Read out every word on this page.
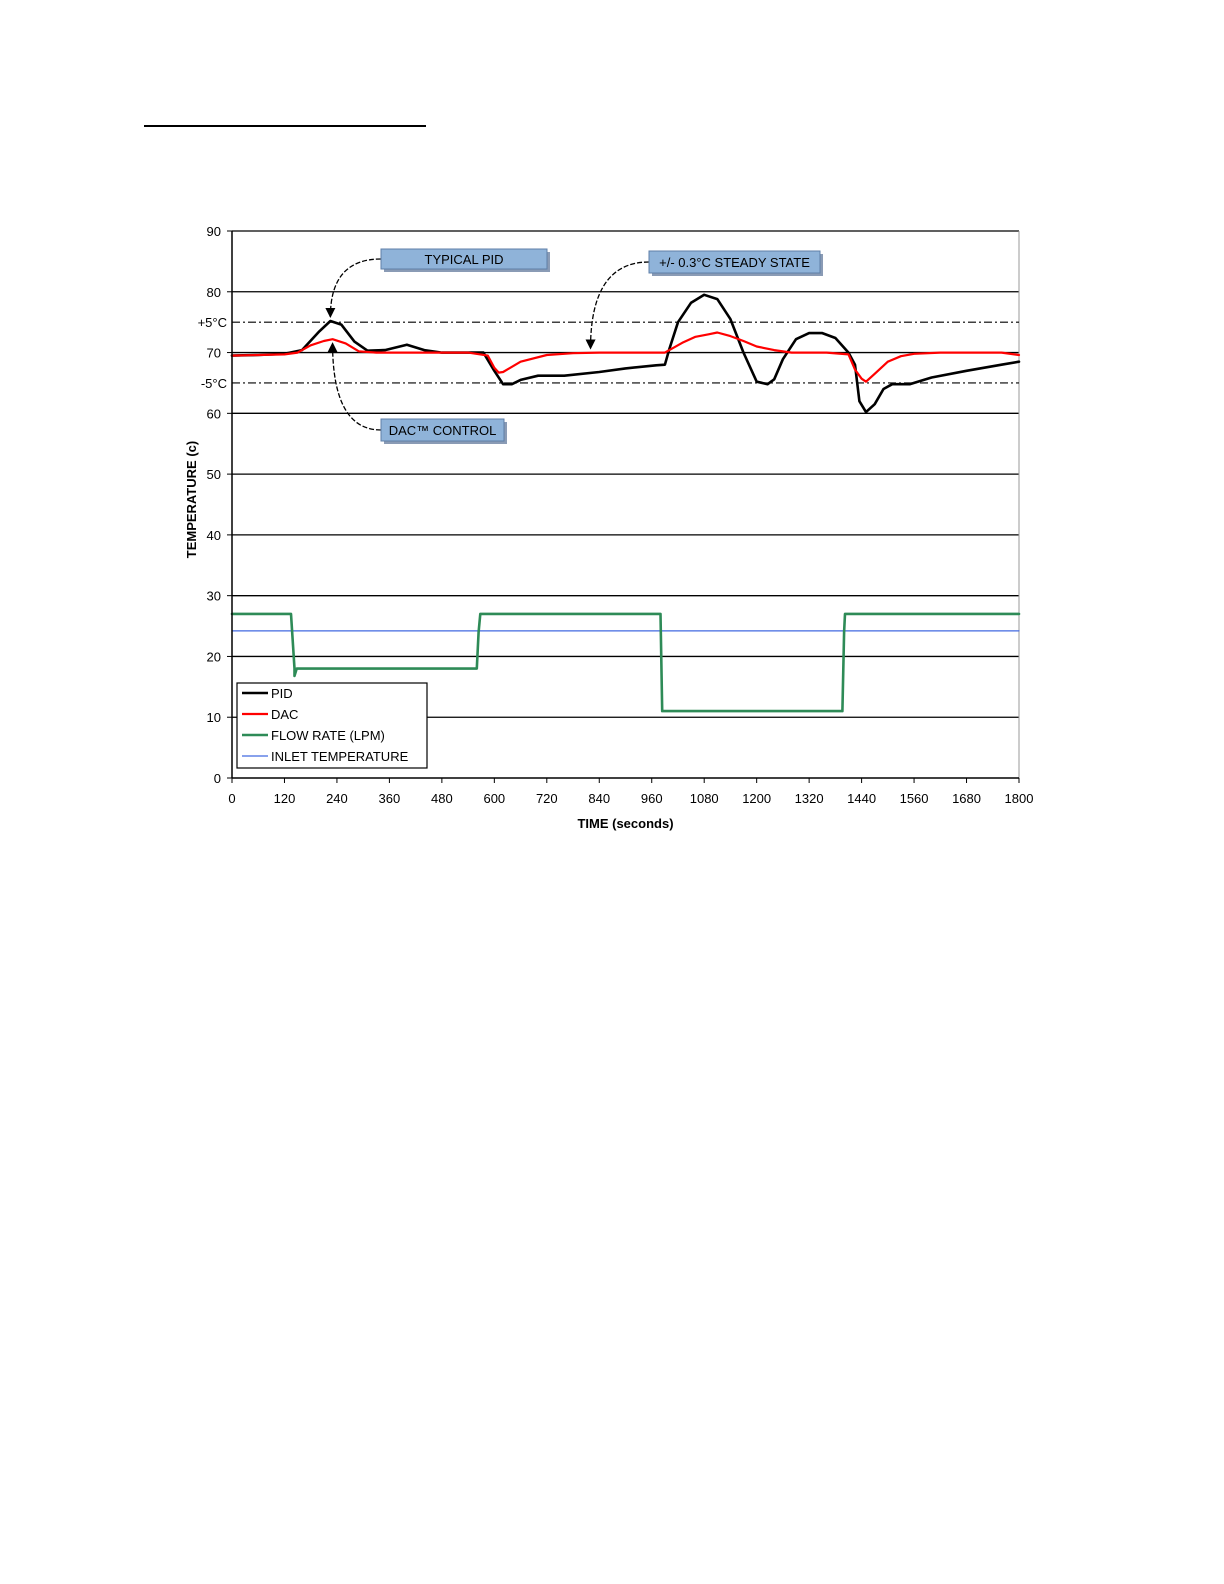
0	120 240 360 480 600 720 840 960 1080 1200 1320 1440 1560 1680 1800
0
10
20
30
40
50
60
70
80
90
+5°C
-5°C
TIME (seconds)
TEMPERATURE (c)
TYPICAL PID	+/- 0.3°C STEADY STATE
DAC™ CONTROL
PID
DAC
FLOW RATE (LPM)
INLET TEMPERATURE
